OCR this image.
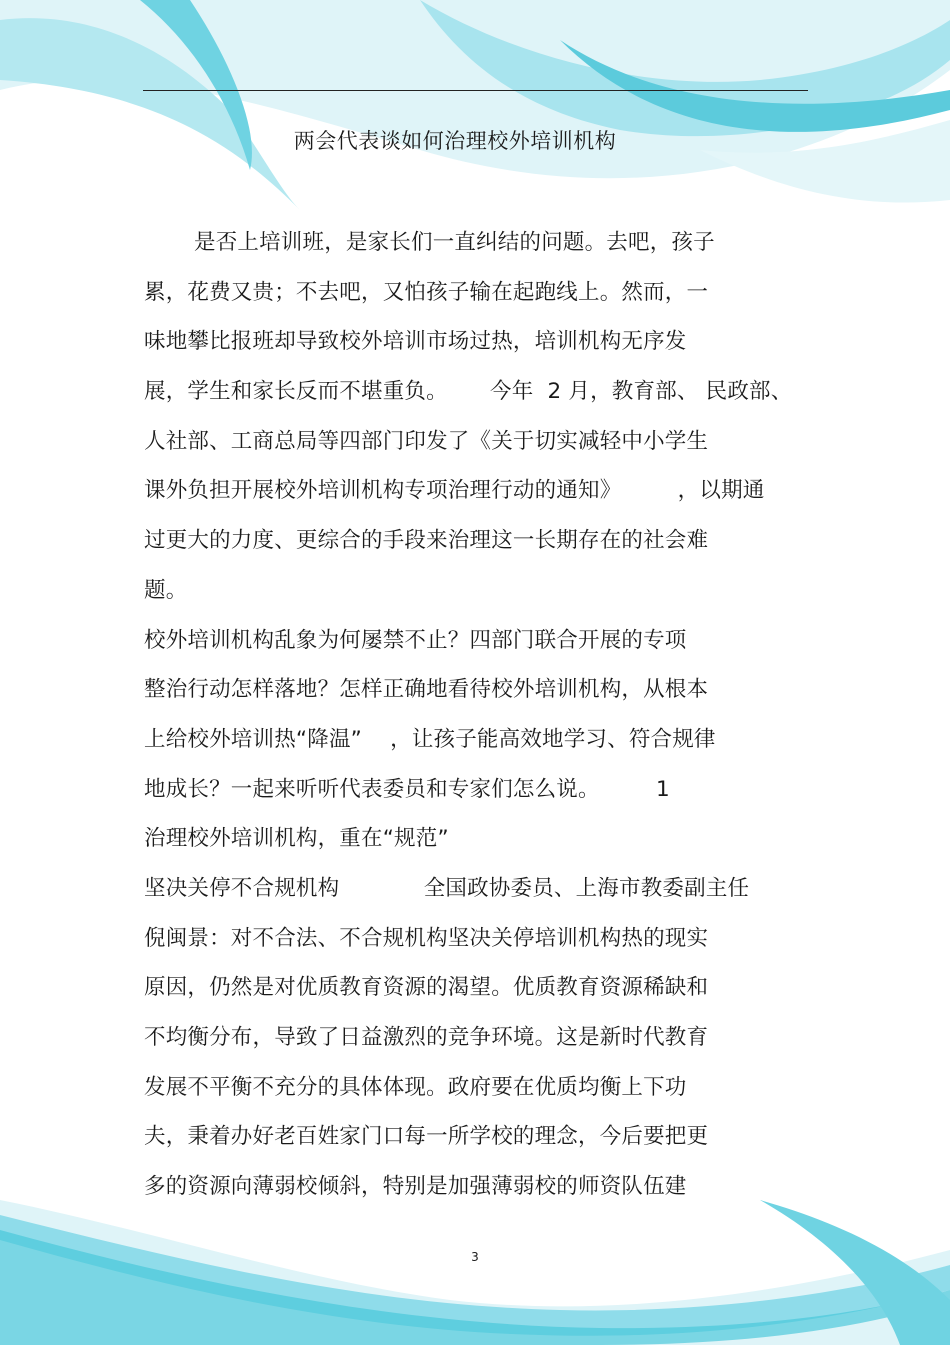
两会代表谈如何治理校外培训机构
是否上培训班，是家长们一直纠结的问题。去吧，孩子
累，花费又贵；不去吧，又怕孩子输在起跑线上。然而，一
味地攀比报班却导致校外培训市场过热，培训机构无序发
展，学生和家长反而不堪重负。      今年  2 月，教育部、 民政部、
人社部、工商总局等四部门印发了《关于切实减轻中小学生
课外负担开展校外培训机构专项治理行动的通知》        ，以期通
过更大的力度、更综合的手段来治理这一长期存在的社会难
题。
校外培训机构乱象为何屡禁不止？四部门联合开展的专项
整治行动怎样落地？怎样正确地看待校外培训机构，从根本
上给校外培训热“降温”    ，让孩子能高效地学习、符合规律
地成长？一起来听听代表委员和专家们怎么说。        1
治理校外培训机构，重在“规范”
坚决关停不合规机构            全国政协委员、上海市教委副主任
倪闽景：对不合法、不合规机构坚决关停培训机构热的现实
原因，仍然是对优质教育资源的渴望。优质教育资源稀缺和
不均衡分布，导致了日益激烈的竞争环境。这是新时代教育
发展不平衡不充分的具体体现。政府要在优质均衡上下功
夫，秉着办好老百姓家门口每一所学校的理念，今后要把更
多的资源向薄弱校倾斜，特别是加强薄弱校的师资队伍建
3
